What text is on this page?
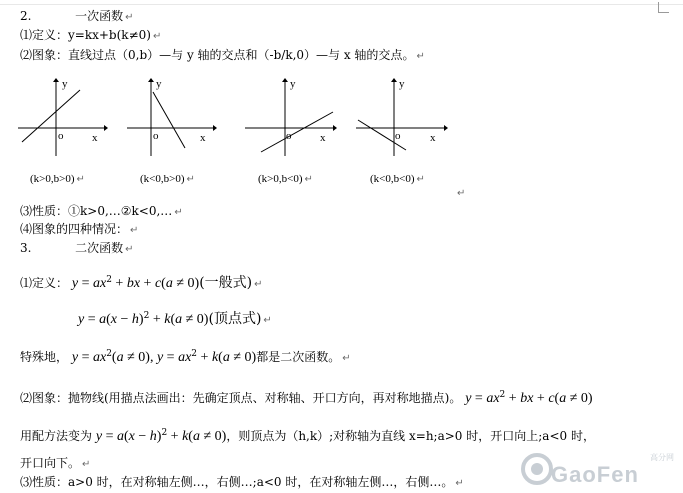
2.	一次函数 ↵
⑴定义：y=kx+b(k≠0) ↵
⑵图象：直线过点（0,b）—与 y 轴的交点和（-b/k,0）—与 x 轴的交点。 ↵
y
o	x
y
o	x
y
o	x
y
o	x
(k>0,b>0) ↵	(k<0,b>0) ↵	(k>0,b<0) ↵	(k<0,b<0) ↵
↵
⑶性质：①k>0,…②k<0,… ↵
⑷图象的四种情况： ↵
3.	二次函数 ↵
⑴定义： $y = ax^2$ + bx + c(a ≠ 0)(一般式) ↵
$y = a(x - h)^2 + k(a \ne 0)$(顶点式) ↵
特殊地， $y = ax^2(a \ne 0)$, $y = ax^2 + k(a \ne 0)$都是二次函数。 ↵
⑵图象：抛物线(用描点法画出：先确定顶点、对称轴、开口方向，再对称地描点)。 $y = ax^2$ + bx + c(a ≠ 0)
用配方法变为 $y = a(x - h)^2 + k(a \ne 0)$，则顶点为（h,k）;对称轴为直线 x=h;a>0 时，开口向上;a<0 时，
开口向下。 ↵
⑶性质：a>0 时，在对称轴左侧…，右侧…;a<0 时，在对称轴左侧…，右侧…。 ↵	GaoFen
高分网
